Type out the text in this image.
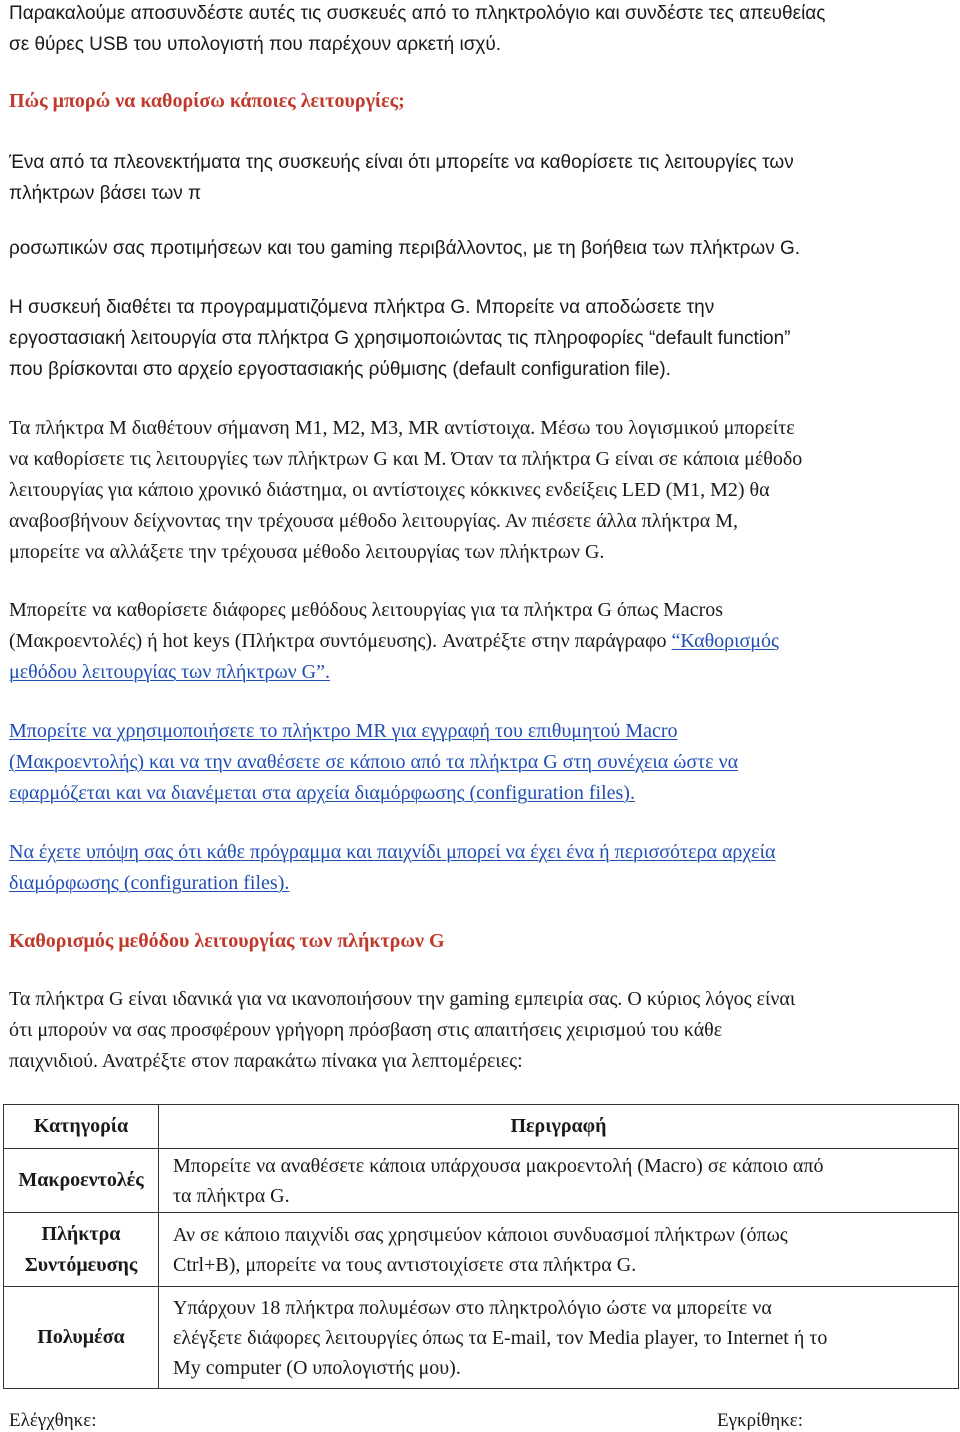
Παρακαλούμε αποσυνδέστε αυτές τις συσκευές από το πληκτρολόγιο και συνδέστε τες απευθείας
σε θύρες USB του υπολογιστή που παρέχουν αρκετή ισχύ.
Πώς μπορώ να καθορίσω κάποιες λειτουργίες;
Ένα από τα πλεονεκτήματα της συσκευής είναι ότι μπορείτε να καθορίσετε τις λειτουργίες των
πλήκτρων βάσει των π
ροσωπικών σας προτιμήσεων και του gaming περιβάλλοντος, με τη βοήθεια των πλήκτρων G.
Η συσκευή διαθέτει τα προγραμματιζόμενα πλήκτρα G. Μπορείτε να αποδώσετε την
εργοστασιακή λειτουργία στα πλήκτρα G χρησιμοποιώντας τις πληροφορίες “default function”
που βρίσκονται στο αρχείο εργοστασιακής ρύθμισης (default configuration file).
Τα πλήκτρα Μ διαθέτουν σήμανση M1, M2, M3, MR αντίστοιχα. Μέσω του λογισμικού μπορείτε
να καθορίσετε τις λειτουργίες των πλήκτρων G και M. Όταν τα πλήκτρα G είναι σε κάποια μέθοδο
λειτουργίας για κάποιο χρονικό διάστημα, οι αντίστοιχες κόκκινες ενδείξεις LED (M1, M2) θα
αναβοσβήνουν δείχνοντας την τρέχουσα μέθοδο λειτουργίας. Αν πιέσετε άλλα πλήκτρα M,
μπορείτε να αλλάξετε την τρέχουσα μέθοδο λειτουργίας των πλήκτρων G.
Μπορείτε να καθορίσετε διάφορες μεθόδους λειτουργίας για τα πλήκτρα G όπως Macros
(Μακροεντολές) ή hot keys (Πλήκτρα συντόμευσης). Ανατρέξτε στην παράγραφο “Καθορισμός
μεθόδου λειτουργίας των πλήκτρων G”.
Μπορείτε να χρησιμοποιήσετε το πλήκτρο MR για εγγραφή του επιθυμητού Macro
(Μακροεντολής) και να την αναθέσετε σε κάποιο από τα πλήκτρα G στη συνέχεια ώστε να
εφαρμόζεται και να διανέμεται στα αρχεία διαμόρφωσης (configuration files).
Να έχετε υπόψη σας ότι κάθε πρόγραμμα και παιχνίδι μπορεί να έχει ένα ή περισσότερα αρχεία
διαμόρφωσης (configuration files).
Καθορισμός μεθόδου λειτουργίας των πλήκτρων G
Τα πλήκτρα G είναι ιδανικά για να ικανοποιήσουν την gaming εμπειρία σας. Ο κύριος λόγος είναι
ότι μπορούν να σας προσφέρουν γρήγορη πρόσβαση στις απαιτήσεις χειρισμού του κάθε
παιχνιδιού. Ανατρέξτε στον παρακάτω πίνακα για λεπτομέρειες:
Κατηγορία	Περιγραφή

Μακροεντολές	Μπορείτε να αναθέσετε κάποια υπάρχουσα μακροεντολή (Macro) σε κάποιο από
τα πλήκτρα G.

Πλήκτρα
Συντόμευσης	Αν σε κάποιο παιχνίδι σας χρησιμεύον κάποιοι συνδυασμοί πλήκτρων (όπως
Ctrl+B), μπορείτε να τους αντιστοιχίσετε στα πλήκτρα G.

Πολυμέσα	Υπάρχουν 18 πλήκτρα πολυμέσων στο πληκτρολόγιο ώστε να μπορείτε να
ελέγξετε διάφορες λειτουργίες όπως τα E-mail, τον Media player, το Internet ή το
My computer (Ο υπολογιστής μου).
Ελέγχθηκε:	Εγκρίθηκε:
